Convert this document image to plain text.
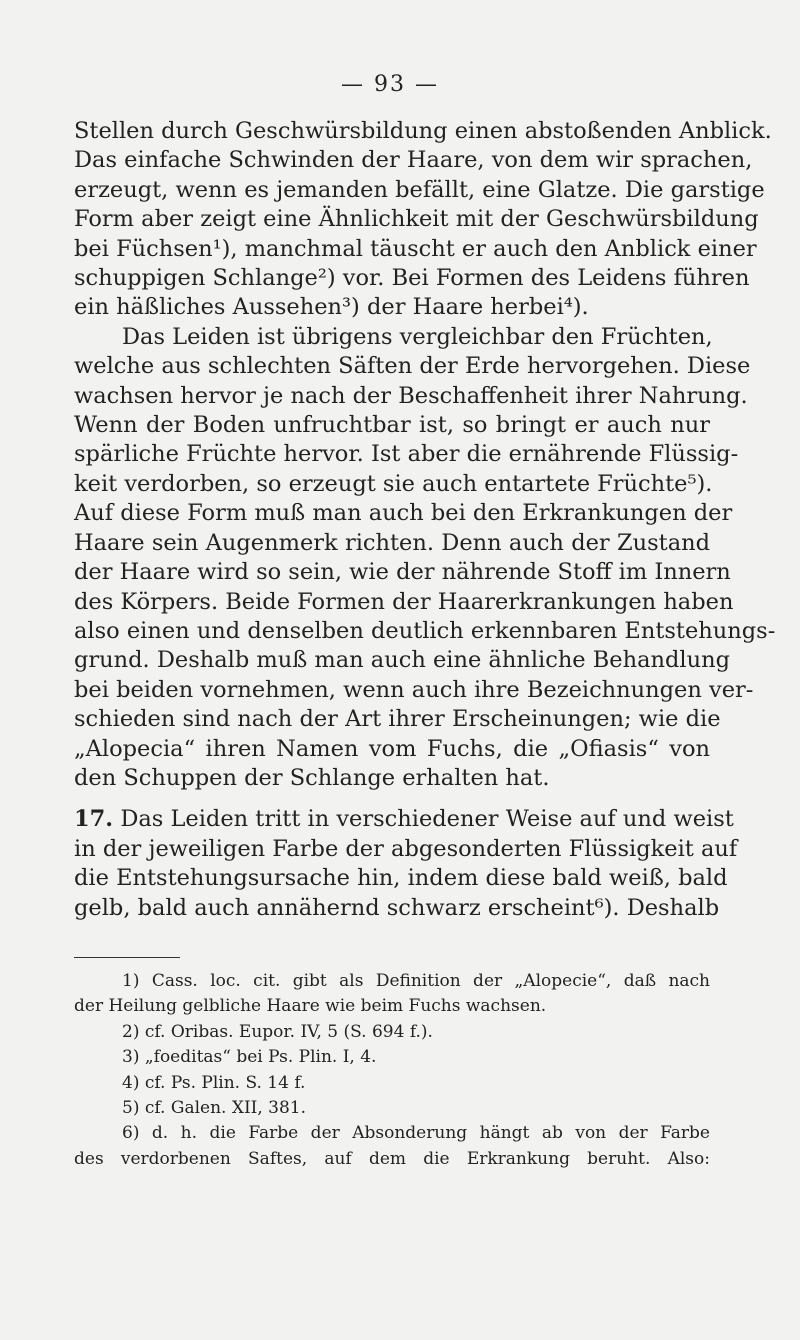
— 93 —
Stellen durch Geschwürsbildung einen abstoßenden Anblick.
Das einfache Schwinden der Haare, von dem wir sprachen,
erzeugt, wenn es jemanden befällt, eine Glatze. Die garstige
Form aber zeigt eine Ähnlichkeit mit der Geschwürsbildung
bei Füchsen¹), manchmal täuscht er auch den Anblick einer
schuppigen Schlange²) vor. Bei Formen des Leidens führen
ein häßliches Aussehen³) der Haare herbei⁴).
Das Leiden ist übrigens vergleichbar den Früchten,
welche aus schlechten Säften der Erde hervorgehen. Diese
wachsen hervor je nach der Beschaffenheit ihrer Nahrung.
Wenn der Boden unfruchtbar ist, so bringt er auch nur
spärliche Früchte hervor. Ist aber die ernährende Flüssig-
keit verdorben, so erzeugt sie auch entartete Früchte⁵).
Auf diese Form muß man auch bei den Erkrankungen der
Haare sein Augenmerk richten. Denn auch der Zustand
der Haare wird so sein, wie der nährende Stoff im Innern
des Körpers. Beide Formen der Haarerkrankungen haben
also einen und denselben deutlich erkennbaren Entstehungs-
grund. Deshalb muß man auch eine ähnliche Behandlung
bei beiden vornehmen, wenn auch ihre Bezeichnungen ver-
schieden sind nach der Art ihrer Erscheinungen; wie die
„Alopecia“ ihren Namen vom Fuchs, die „Ofiasis“ von
den Schuppen der Schlange erhalten hat.
17. Das Leiden tritt in verschiedener Weise auf und weist
in der jeweiligen Farbe der abgesonderten Flüssigkeit auf
die Entstehungsursache hin, indem diese bald weiß, bald
gelb, bald auch annähernd schwarz erscheint⁶). Deshalb
1) Cass. loc. cit. gibt als Definition der „Alopecie“, daß nach
der Heilung gelbliche Haare wie beim Fuchs wachsen.
2) cf. Oribas. Eupor. IV, 5 (S. 694 f.).
3) „foeditas“ bei Ps. Plin. I, 4.
4) cf. Ps. Plin. S. 14 f.
5) cf. Galen. XII, 381.
6) d. h. die Farbe der Absonderung hängt ab von der Farbe
des verdorbenen Saftes, auf dem die Erkrankung beruht. Also:
